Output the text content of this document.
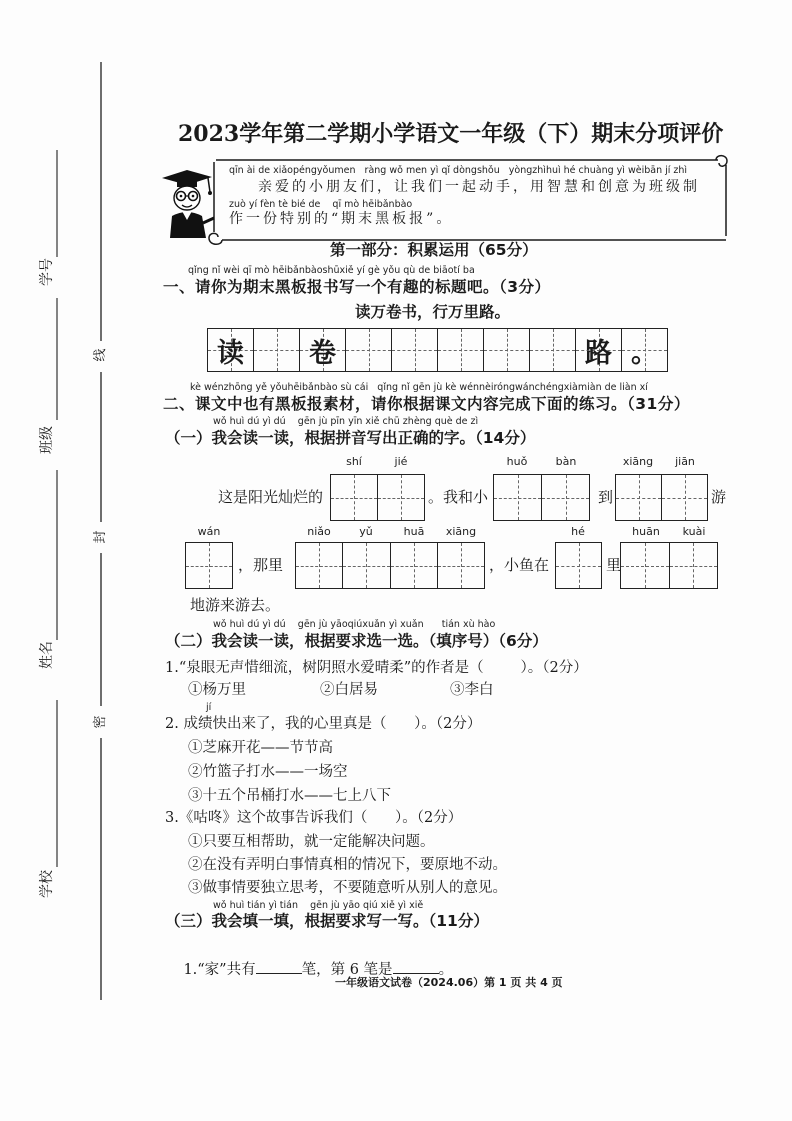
学号
班级
姓名
学校
线
封
密
2023学年第二学期小学语文一年级（下）期末分项评价
qīn ài de xiǎopéngyǒumen   ràng wǒ men yì qǐ dòngshǒu   yòngzhìhuì hé chuàng yì wèibān jí zhì
亲爱的小朋友们，让我们一起动手，用智慧和创意为班级制
zuò yí fèn tè bié de    qī mò hēibǎnbào
作一份特别的“期末黑板报”。
第一部分：积累运用（65分）
qǐng nǐ wèi qī mò hēibǎnbàoshūxiě yí gè yǒu qù de biāotí ba
一、请你为期末黑板报书写一个有趣的标题吧。（3分）
读万卷书，行万里路。
读 卷	路 。
kè wénzhōng yě yǒuhēibǎnbào sù cái   qǐng nǐ gēn jù kè wénnèiróngwánchéngxiàmiàn de liàn xí
二、课文中也有黑板报素材，请你根据课文内容完成下面的练习。（31分）
wǒ huì dú yì dú    gēn jù pīn yīn xiě chū zhèng què de zì
（一）我会读一读，根据拼音写出正确的字。（14分）
shí	jié	huǒ	bàn	xiāng	jiān
这是阳光灿烂的	。我和小	到	游
wán	niǎo	yǔ	huā	xiāng	hé	huān	kuài
，那里	，小鱼在	里
地游来游去。
wǒ huì dú yì dú    gēn jù yāoqiúxuǎn yì xuǎn      tián xù hào
（二）我会读一读，根据要求选一选。（填序号）（6分）
1.“泉眼无声惜细流，树阴照水爱晴柔”的作者是（        ）。（2分）
①杨万里	②白居易	③李白
jí
2. 成绩快出来了，我的心里真是（      ）。（2分）
①芝麻开花——节节高
②竹篮子打水——一场空
③十五个吊桶打水——七上八下
3.《咕咚》这个故事告诉我们（      ）。（2分）
①只要互相帮助，就一定能解决问题。
②在没有弄明白事情真相的情况下，要原地不动。
③做事情要独立思考，不要随意听从别人的意见。
wǒ huì tián yì tián    gēn jù yāo qiú xiě yì xiě
（三）我会填一填，根据要求写一写。（11分）

1.“家”共有	笔，第 6 笔是	。

一年级语文试卷（2024.06）第 1 页 共 4 页
